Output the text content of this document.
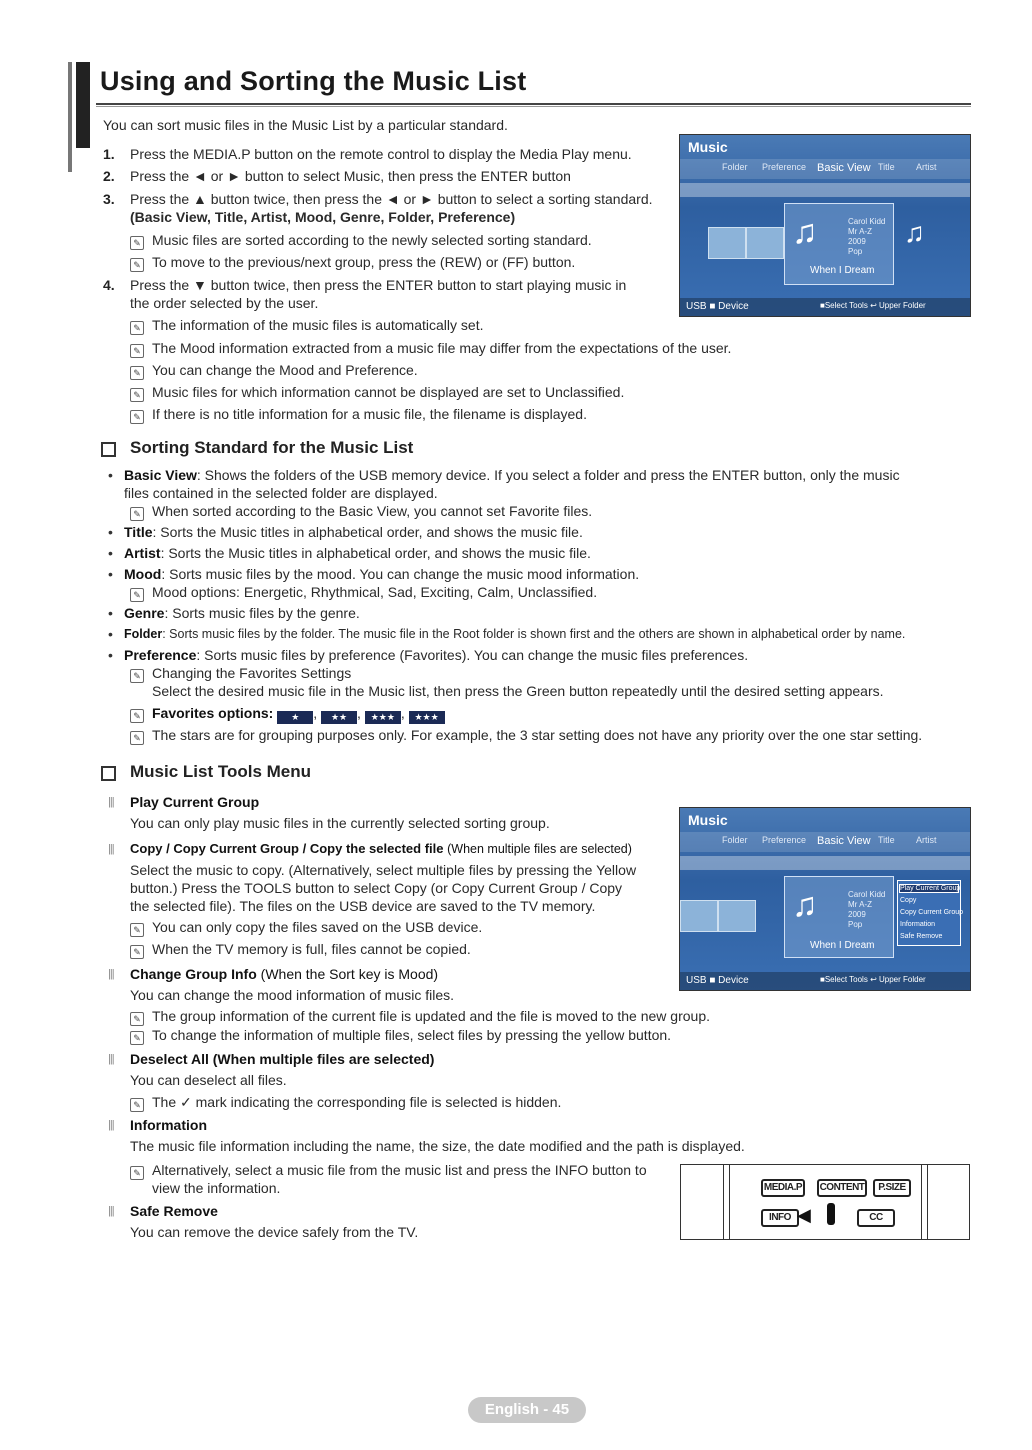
Using and Sorting the Music List
You can sort music files in the Music List by a particular standard.
1. Press the MEDIA.P button on the remote control to display the Media Play menu.
2. Press the ◄ or ► button to select Music, then press the ENTER button
3. Press the ▲ button twice, then press the ◄ or ► button to select a sorting standard.
(Basic View, Title, Artist, Mood, Genre, Folder, Preference)
✎ Music files are sorted according to the newly selected sorting standard.
✎ To move to the previous/next group, press the (REW) or (FF) button.
4. Press the ▼ button twice, then press the ENTER button to start playing music in
the order selected by the user.
✎ The information of the music files is automatically set.
✎ The Mood information extracted from a music file may differ from the expectations of the user.
✎ You can change the Mood and Preference.
✎ Music files for which information cannot be displayed are set to Unclassified.
✎ If there is no title information for a music file, the filename is displayed.
Music
Folder Preference Basic View Title Artist
♫	Carol Kidd
Mr A-Z
2009
Pop
When I Dream
♫
USB ■ Device	■Select Tools ↩ Upper Folder
Sorting Standard for the Music List
• Basic View: Shows the folders of the USB memory device. If you select a folder and press the ENTER button, only the music
files contained in the selected folder are displayed.
✎ When sorted according to the Basic View, you cannot set Favorite files.
• Title: Sorts the Music titles in alphabetical order, and shows the music file.
• Artist: Sorts the Music titles in alphabetical order, and shows the music file.
• Mood: Sorts music files by the mood. You can change the music mood information.
✎ Mood options: Energetic, Rhythmical, Sad, Exciting, Calm, Unclassified.
• Genre: Sorts music files by the genre.
• Folder: Sorts music files by the folder. The music file in the Root folder is shown first and the others are shown in alphabetical order by name.
• Preference: Sorts music files by preference (Favorites). You can change the music files preferences.
✎ Changing the Favorites Settings
Select the desired music file in the Music list, then press the Green button repeatedly until the desired setting appears.
✎ Favorites options: ★ , ★★ , ★★★ , ★★★
✎ The stars are for grouping purposes only. For example, the 3 star setting does not have any priority over the one star setting.
Music List Tools Menu
||| Play Current Group
You can only play music files in the currently selected sorting group.
||| Copy / Copy Current Group / Copy the selected file (When multiple files are selected)
Select the music to copy. (Alternatively, select multiple files by pressing the Yellow
button.) Press the TOOLS button to select Copy (or Copy Current Group / Copy
the selected file). The files on the USB device are saved to the TV memory.
✎ You can only copy the files saved on the USB device.
✎ When the TV memory is full, files cannot be copied.
||| Change Group Info (When the Sort key is Mood)
You can change the mood information of music files.
✎ The group information of the current file is updated and the file is moved to the new group.
✎ To change the information of multiple files, select files by pressing the yellow button.
||| Deselect All (When multiple files are selected)
You can deselect all files.
✎ The ✓ mark indicating the corresponding file is selected is hidden.
||| Information
The music file information including the name, the size, the date modified and the path is displayed.
✎ Alternatively, select a music file from the music list and press the INFO button to
view the information.
||| Safe Remove
You can remove the device safely from the TV.
Music
Folder Preference Basic View Title Artist
♫	Carol Kidd
Mr A-Z
2009
Pop
When I Dream
Play Current Group
Copy
Copy Current Group
Information
Safe Remove
USB ■ Device	■Select Tools ↩ Upper Folder
MEDIA.P CONTENT	P.SIZE
INFO ◀	CC
English - 45
